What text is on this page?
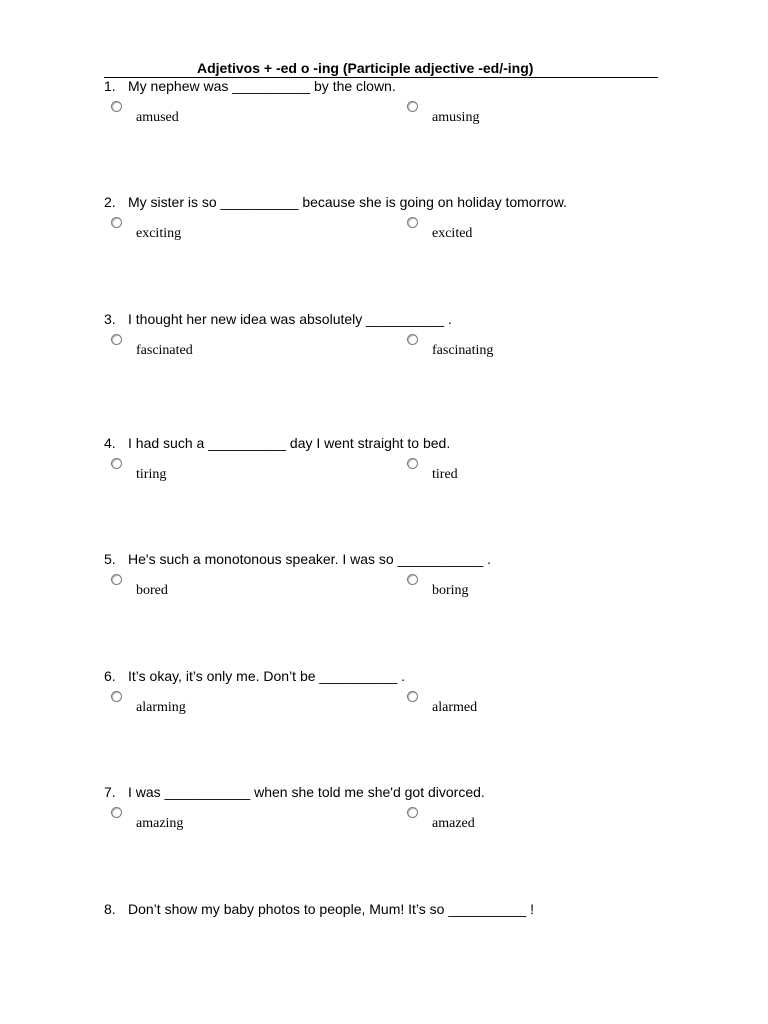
Adjetivos + -ed o -ing (Participle adjective -ed/-ing)
1. My nephew was __________ by the clown.
amused	amusing
2. My sister is so __________ because she is going on holiday tomorrow.
exciting	excited
3. I thought her new idea was absolutely __________ .
fascinated	fascinating
4. I had such a __________ day I went straight to bed.
tiring	tired
5. He's such a monotonous speaker. I was so ___________ .
bored	boring
6. It’s okay, it’s only me. Don’t be __________ .
alarming	alarmed
7. I was ___________ when she told me she'd got divorced.
amazing	amazed
8. Don’t show my baby photos to people, Mum! It’s so __________ !
